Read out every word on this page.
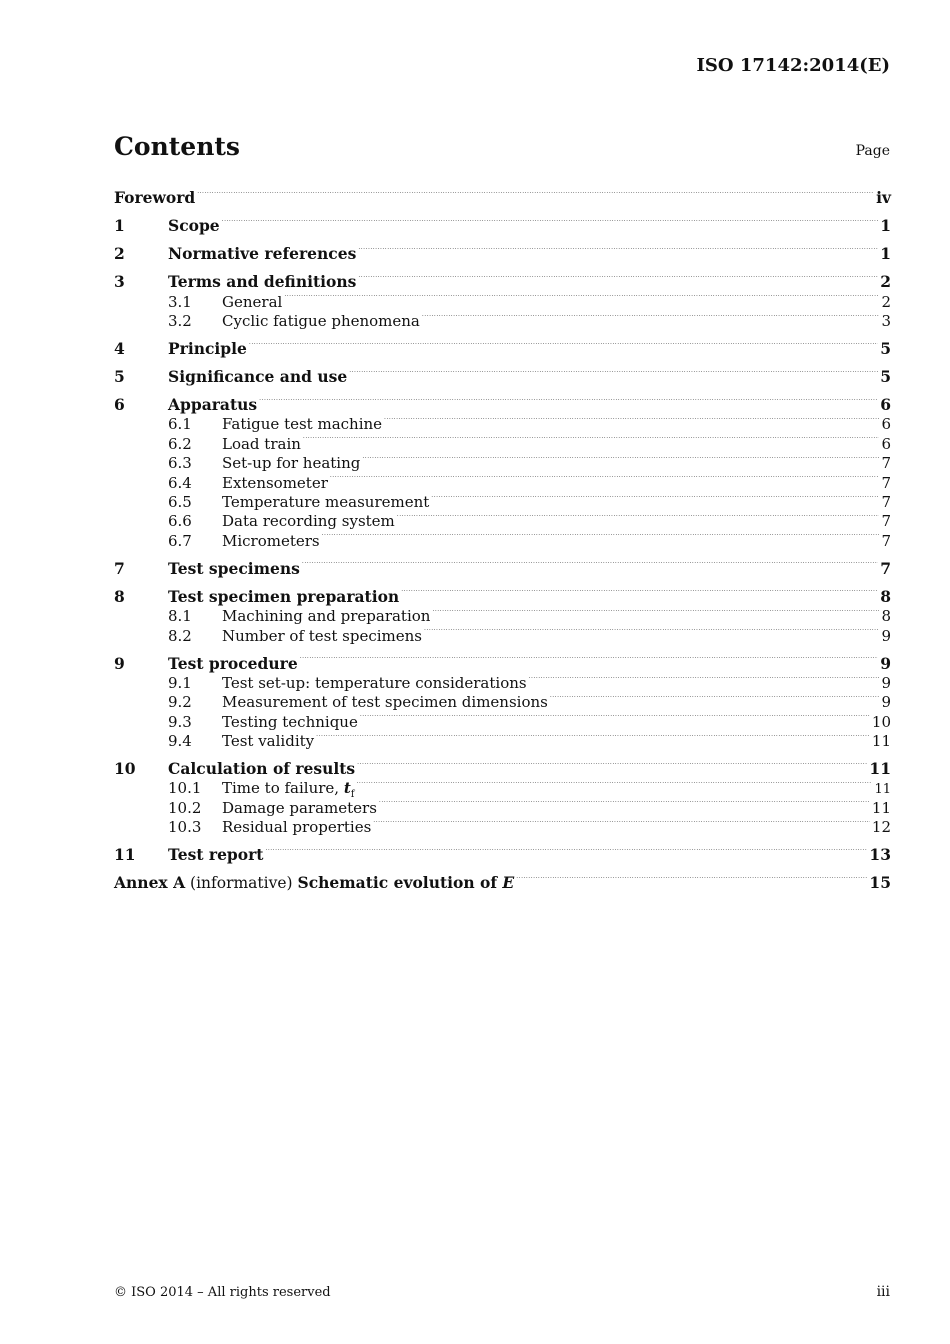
ISO 17142:2014(E)
Contents	Page
Foreword .....	iv
1	Scope .....	1
2	Normative references .....	1
3	Terms and definitions .....	2
3.1	General .....	2
3.2	Cyclic fatigue phenomena .....	3
4	Principle .....	5
5	Significance and use .....	5
6	Apparatus .....	6
6.1	Fatigue test machine .....	6
6.2	Load train .....	6
6.3	Set-up for heating .....	7
6.4	Extensometer .....	7
6.5	Temperature measurement .....	7
6.6	Data recording system .....	7
6.7	Micrometers .....	7
7	Test specimens .....	7
8	Test specimen preparation .....	8
8.1	Machining and preparation .....	8
8.2	Number of test specimens .....	9
9	Test procedure .....	9
9.1	Test set-up: temperature considerations .....	9
9.2	Measurement of test specimen dimensions .....	9
9.3	Testing technique .....	10
9.4	Test validity .....	11
10	Calculation of results .....	11
10.1	Time to failure, $t_f$ .....	11
10.2	Damage parameters .....	11
10.3	Residual properties .....	12
11	Test report .....	13
Annex A (informative) Schematic evolution of E .....	15
© ISO 2014 – All rights reserved	iii
